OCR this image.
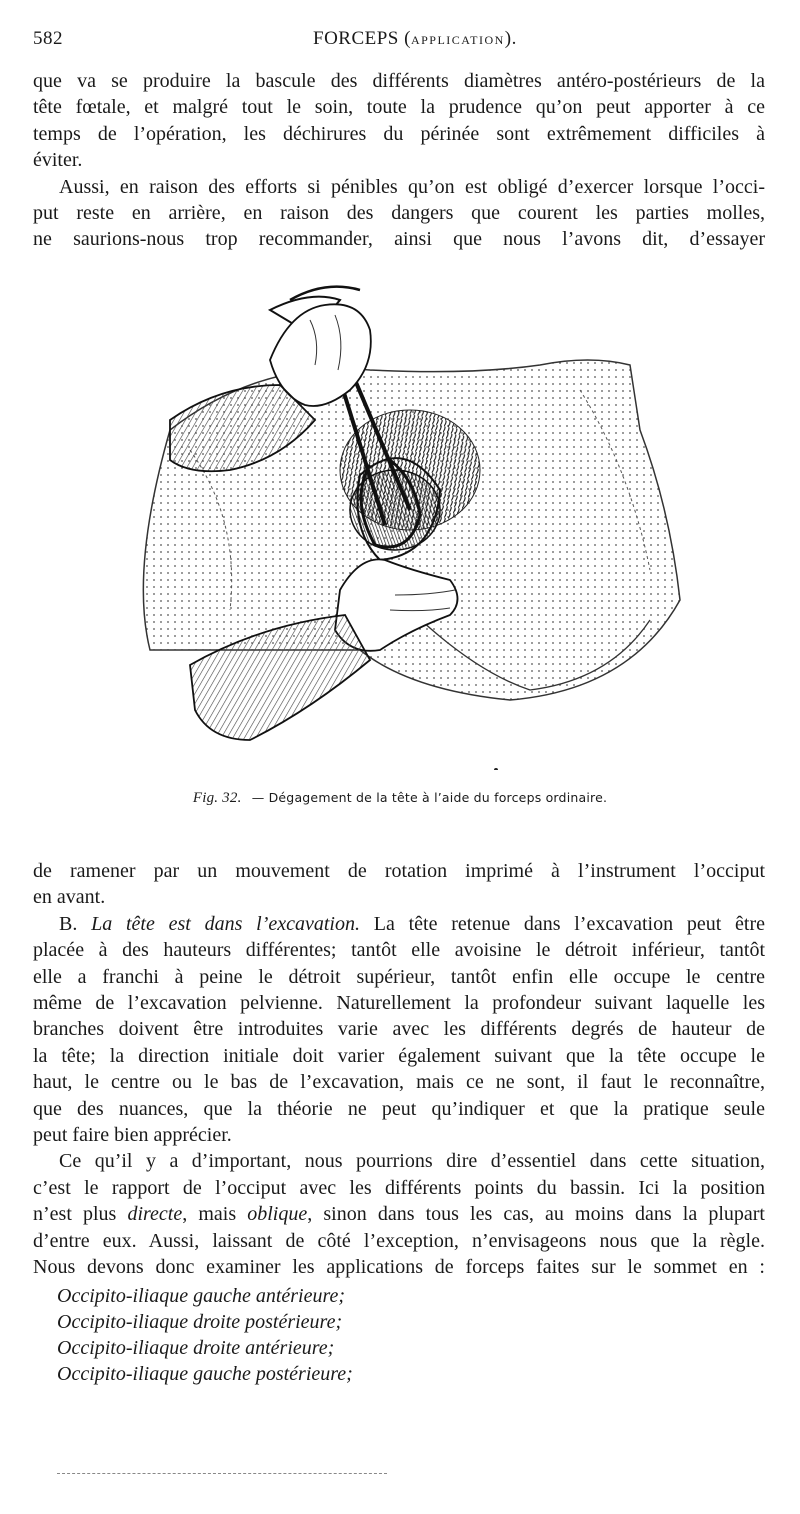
582	FORCEPS (APPLICATION).
que va se produire la bascule des différents diamètres antéro-postérieurs de la
tête fœtale, et malgré tout le soin, toute la prudence qu’on peut apporter à ce
temps de l’opération, les déchirures du périnée sont extrêmement difficiles à
éviter.
Aussi, en raison des efforts si pénibles qu’on est obligé d’exercer lorsque l’occi-
put reste en arrière, en raison des dangers que courent les parties molles,
ne saurions-nous trop recommander, ainsi que nous l’avons dit, d’essayer
Fig. 32. — Dégagement de la tête à l’aide du forceps ordinaire.
de ramener par un mouvement de rotation imprimé à l’instrument l’occiput
en avant.
B. La tête est dans l’excavation. La tête retenue dans l’excavation peut être
placée à des hauteurs différentes; tantôt elle avoisine le détroit inférieur, tantôt
elle a franchi à peine le détroit supérieur, tantôt enfin elle occupe le centre
même de l’excavation pelvienne. Naturellement la profondeur suivant laquelle les
branches doivent être introduites varie avec les différents degrés de hauteur de
la tête; la direction initiale doit varier également suivant que la tête occupe le
haut, le centre ou le bas de l’excavation, mais ce ne sont, il faut le reconnaître,
que des nuances, que la théorie ne peut qu’indiquer et que la pratique seule
peut faire bien apprécier.
Ce qu’il y a d’important, nous pourrions dire d’essentiel dans cette situation,
c’est le rapport de l’occiput avec les différents points du bassin. Ici la position
n’est plus directe, mais oblique, sinon dans tous les cas, au moins dans la plupart
d’entre eux. Aussi, laissant de côté l’exception, n’envisageons nous que la règle.
Nous devons donc examiner les applications de forceps faites sur le sommet en :
Occipito-iliaque gauche antérieure;
Occipito-iliaque droite postérieure;
Occipito-iliaque droite antérieure;
Occipito-iliaque gauche postérieure;
